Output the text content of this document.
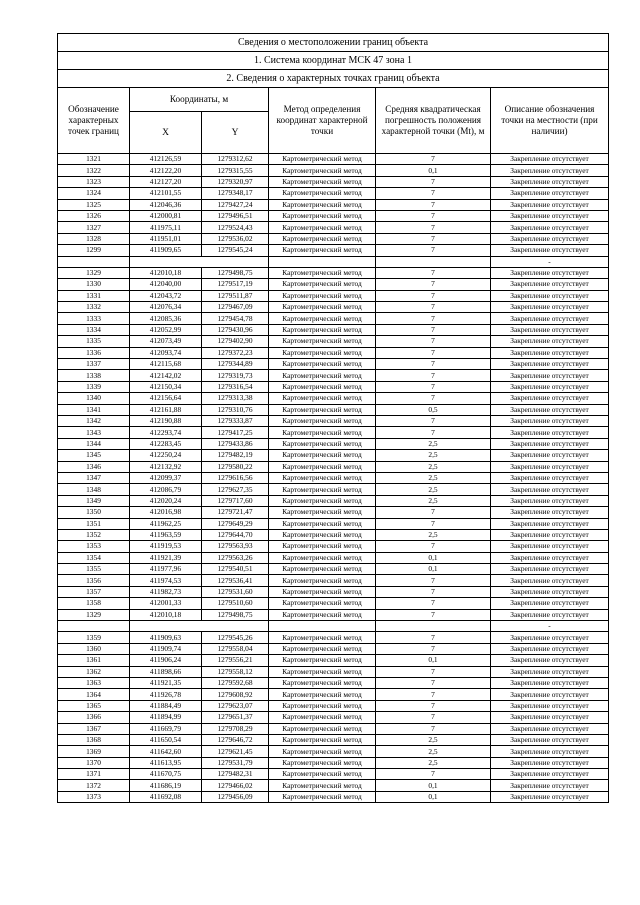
Сведения о местоположении границ объекта					
1. Система координат МСК 47 зона 1					
2. Сведения о характерных точках границ объекта					
Обозначение характерных точек границ	Координаты, м		Метод определения координат характерной точки	Средняя квадратическая погрешность положения характерной точки (Mt), м	Описание обозначения точки на местности (при наличии)
	X	Y			
1321	412126,59	1279312,62	Картометрический метод	7	Закрепление отсутствует
1322	412122,20	1279315,55	Картометрический метод	0,1	Закрепление отсутствует
1323	412127,20	1279320,97	Картометрический метод	7	Закрепление отсутствует
1324	412101,55	1279348,17	Картометрический метод	7	Закрепление отсутствует
1325	412046,36	1279427,24	Картометрический метод	7	Закрепление отсутствует
1326	412000,81	1279496,51	Картометрический метод	7	Закрепление отсутствует
1327	411975,11	1279524,43	Картометрический метод	7	Закрепление отсутствует
1328	411951,01	1279536,02	Картометрический метод	7	Закрепление отсутствует
1299	411909,65	1279545,24	Картометрический метод	7	Закрепление отсутствует
					-
1329	412010,18	1279498,75	Картометрический метод	7	Закрепление отсутствует
1330	412040,00	1279517,19	Картометрический метод	7	Закрепление отсутствует
1331	412043,72	1279511,87	Картометрический метод	7	Закрепление отсутствует
1332	412076,34	1279467,09	Картометрический метод	7	Закрепление отсутствует
1333	412085,36	1279454,78	Картометрический метод	7	Закрепление отсутствует
1334	412052,99	1279430,96	Картометрический метод	7	Закрепление отсутствует
1335	412073,49	1279402,90	Картометрический метод	7	Закрепление отсутствует
1336	412093,74	1279372,23	Картометрический метод	7	Закрепление отсутствует
1337	412115,68	1279344,89	Картометрический метод	7	Закрепление отсутствует
1338	412142,02	1279319,73	Картометрический метод	7	Закрепление отсутствует
1339	412150,34	1279316,54	Картометрический метод	7	Закрепление отсутствует
1340	412156,64	1279313,38	Картометрический метод	7	Закрепление отсутствует
1341	412161,88	1279310,76	Картометрический метод	0,5	Закрепление отсутствует
1342	412190,88	1279333,87	Картометрический метод	7	Закрепление отсутствует
1343	412293,74	1279417,25	Картометрический метод	7	Закрепление отсутствует
1344	412283,45	1279433,86	Картометрический метод	2,5	Закрепление отсутствует
1345	412250,24	1279482,19	Картометрический метод	2,5	Закрепление отсутствует
1346	412132,92	1279580,22	Картометрический метод	2,5	Закрепление отсутствует
1347	412099,37	1279616,56	Картометрический метод	2,5	Закрепление отсутствует
1348	412086,79	1279627,35	Картометрический метод	2,5	Закрепление отсутствует
1349	412020,24	1279717,60	Картометрический метод	2,5	Закрепление отсутствует
1350	412016,98	1279721,47	Картометрический метод	7	Закрепление отсутствует
1351	411962,25	1279649,29	Картометрический метод	7	Закрепление отсутствует
1352	411963,59	1279644,70	Картометрический метод	2,5	Закрепление отсутствует
1353	411919,53	1279563,93	Картометрический метод	7	Закрепление отсутствует
1354	411921,39	1279563,26	Картометрический метод	0,1	Закрепление отсутствует
1355	411977,96	1279540,51	Картометрический метод	0,1	Закрепление отсутствует
1356	411974,53	1279536,41	Картометрический метод	7	Закрепление отсутствует
1357	411982,73	1279531,60	Картометрический метод	7	Закрепление отсутствует
1358	412001,33	1279510,60	Картометрический метод	7	Закрепление отсутствует
1329	412010,18	1279498,75	Картометрический метод	7	Закрепление отсутствует
					-
1359	411909,63	1279545,26	Картометрический метод	7	Закрепление отсутствует
1360	411909,74	1279558,04	Картометрический метод	7	Закрепление отсутствует
1361	411906,24	1279556,21	Картометрический метод	0,1	Закрепление отсутствует
1362	411898,66	1279558,12	Картометрический метод	7	Закрепление отсутствует
1363	411921,35	1279592,68	Картометрический метод	7	Закрепление отсутствует
1364	411926,78	1279608,92	Картометрический метод	7	Закрепление отсутствует
1365	411884,49	1279623,07	Картометрический метод	7	Закрепление отсутствует
1366	411894,99	1279651,37	Картометрический метод	7	Закрепление отсутствует
1367	411669,79	1279708,29	Картометрический метод	7	Закрепление отсутствует
1368	411650,54	1279646,72	Картометрический метод	2,5	Закрепление отсутствует
1369	411642,60	1279621,45	Картометрический метод	2,5	Закрепление отсутствует
1370	411613,95	1279531,79	Картометрический метод	2,5	Закрепление отсутствует
1371	411670,75	1279482,31	Картометрический метод	7	Закрепление отсутствует
1372	411686,19	1279466,02	Картометрический метод	0,1	Закрепление отсутствует
1373	411692,08	1279456,09	Картометрический метод	0,1	Закрепление отсутствует
